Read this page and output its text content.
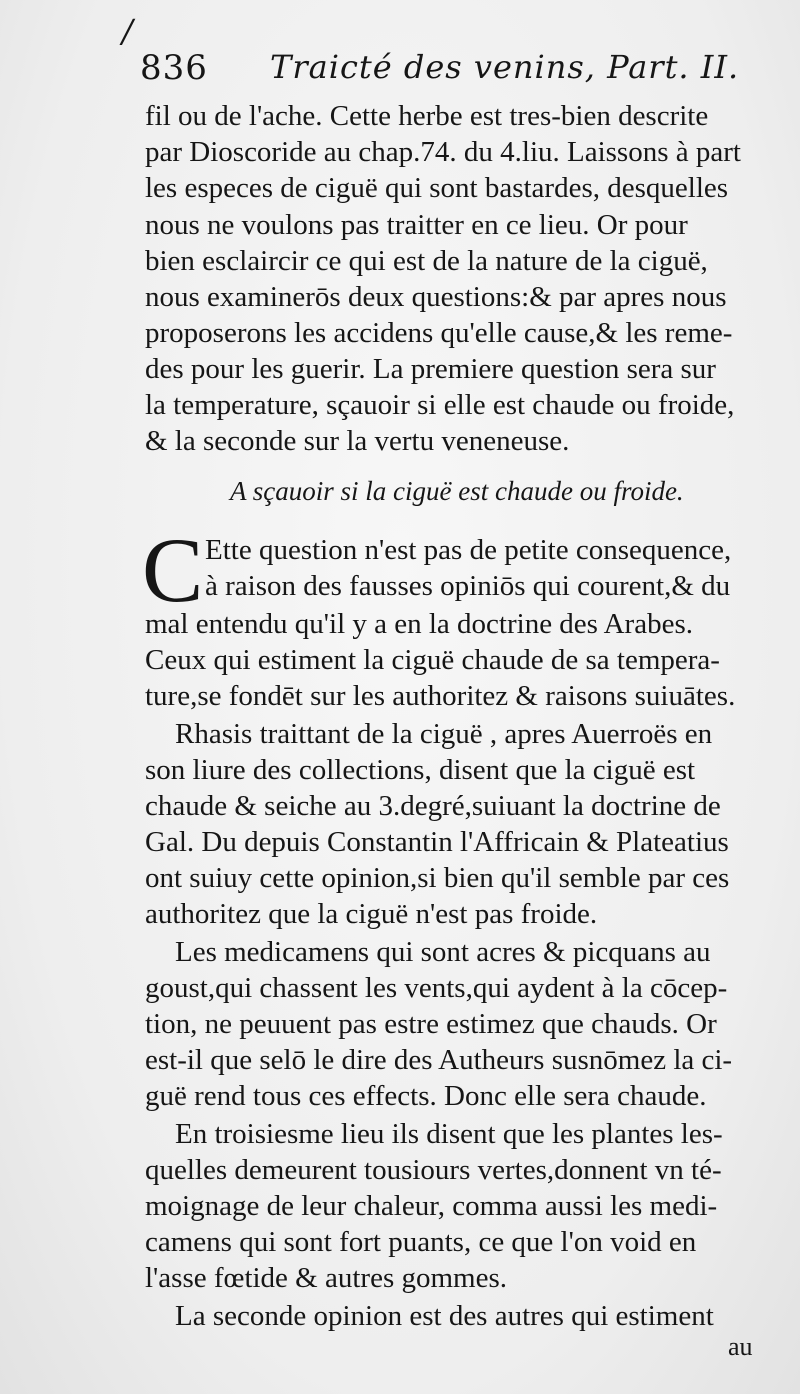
/
836 Traicté des venins, Part. II.
fil ou de l'ache. Cette herbe est tres-bien descrite
par Dioscoride au chap.74. du 4.liu. Laissons à part
les especes de ciguë qui sont bastardes, desquelles
nous ne voulons pas traitter en ce lieu. Or pour
bien esclaircir ce qui est de la nature de la ciguë,
nous examinerōs deux questions:& par apres nous
proposerons les accidens qu'elle cause,& les reme-
des pour les guerir. La premiere question sera sur
la temperature, sçauoir si elle est chaude ou froide,
& la seconde sur la vertu veneneuse.
A sçauoir si la ciguë est chaude ou froide.
C Ette question n'est pas de petite consequence,
à raison des fausses opiniōs qui courent,& du
mal entendu qu'il y a en la doctrine des Arabes.
Ceux qui estiment la ciguë chaude de sa tempera-
ture,se fondēt sur les authoritez & raisons suiuātes.
Rhasis traittant de la ciguë , apres Auerroës en
son liure des collections, disent que la ciguë est
chaude & seiche au 3.degré,suiuant la doctrine de
Gal. Du depuis Constantin l'Affricain & Plateatius
ont suiuy cette opinion,si bien qu'il semble par ces
authoritez que la ciguë n'est pas froide.
Les medicamens qui sont acres & picquans au
goust,qui chassent les vents,qui aydent à la cōcep-
tion, ne peuuent pas estre estimez que chauds. Or
est-il que selō le dire des Autheurs susnōmez la ci-
guë rend tous ces effects. Donc elle sera chaude.
En troisiesme lieu ils disent que les plantes les-
quelles demeurent tousiours vertes,donnent vn té-
moignage de leur chaleur, comma aussi les medi-
camens qui sont fort puants, ce que l'on void en
l'asse fœtide & autres gommes.
La seconde opinion est des autres qui estiment
au
